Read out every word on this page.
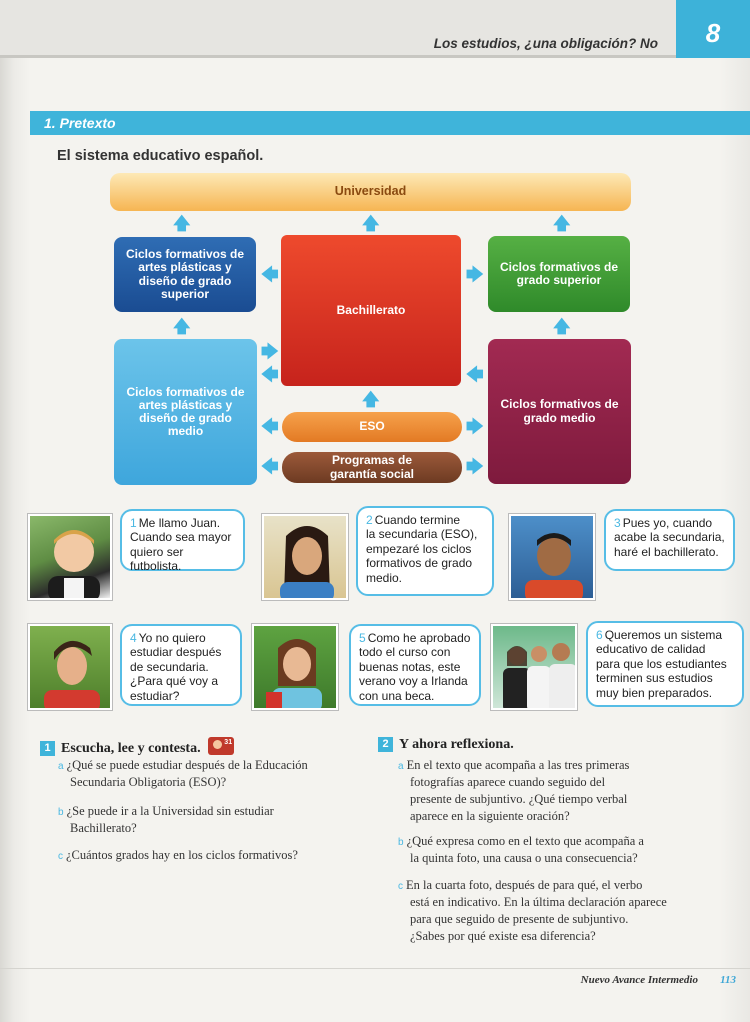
Los estudios, ¿una obligación? No	8
1. Pretexto
El sistema educativo español.
Universidad
Ciclos formativos de
artes plásticas y
diseño de grado
superior
Bachillerato
Ciclos formativos de
grado superior
Ciclos formativos de
artes plásticas y
diseño de grado
medio
Ciclos formativos de
grado medio
ESO
Programas de
garantía social
🡅	🡅	🡅
🡄	🡆
🡅	🡅
🡆
🡄	🡄
🡅
🡄	🡆
🡄	🡆
1 Me llamo Juan.
Cuando sea mayor
quiero ser futbolista.
2 Cuando termine
la secundaria (ESO),
empezaré los ciclos
formativos de grado
medio.
3 Pues yo, cuando
acabe la secundaria,
haré el bachillerato.
4 Yo no quiero
estudiar después
de secundaria.
¿Para qué voy a
estudiar?
5 Como he aprobado
todo el curso con
buenas notas, este
verano voy a Irlanda
con una beca.
6 Queremos un sistema
educativo de calidad
para que los estudiantes
terminen sus estudios
muy bien preparados.
1 Escucha, lee y contesta.	31
a ¿Qué se puede estudiar después de la Educación
Secundaria Obligatoria (ESO)?
b ¿Se puede ir a la Universidad sin estudiar
Bachillerato?
c ¿Cuántos grados hay en los ciclos formativos?
2 Y ahora reflexiona.
a En el texto que acompaña a las tres primeras
fotografías aparece cuando seguido del
presente de subjuntivo. ¿Qué tiempo verbal
aparece en la siguiente oración?
b ¿Qué expresa como en el texto que acompaña a
la quinta foto, una causa o una consecuencia?
c En la cuarta foto, después de para qué, el verbo
está en indicativo. En la última declaración aparece
para que seguido de presente de subjuntivo.
¿Sabes por qué existe esa diferencia?
Nuevo Avance Intermedio 113
